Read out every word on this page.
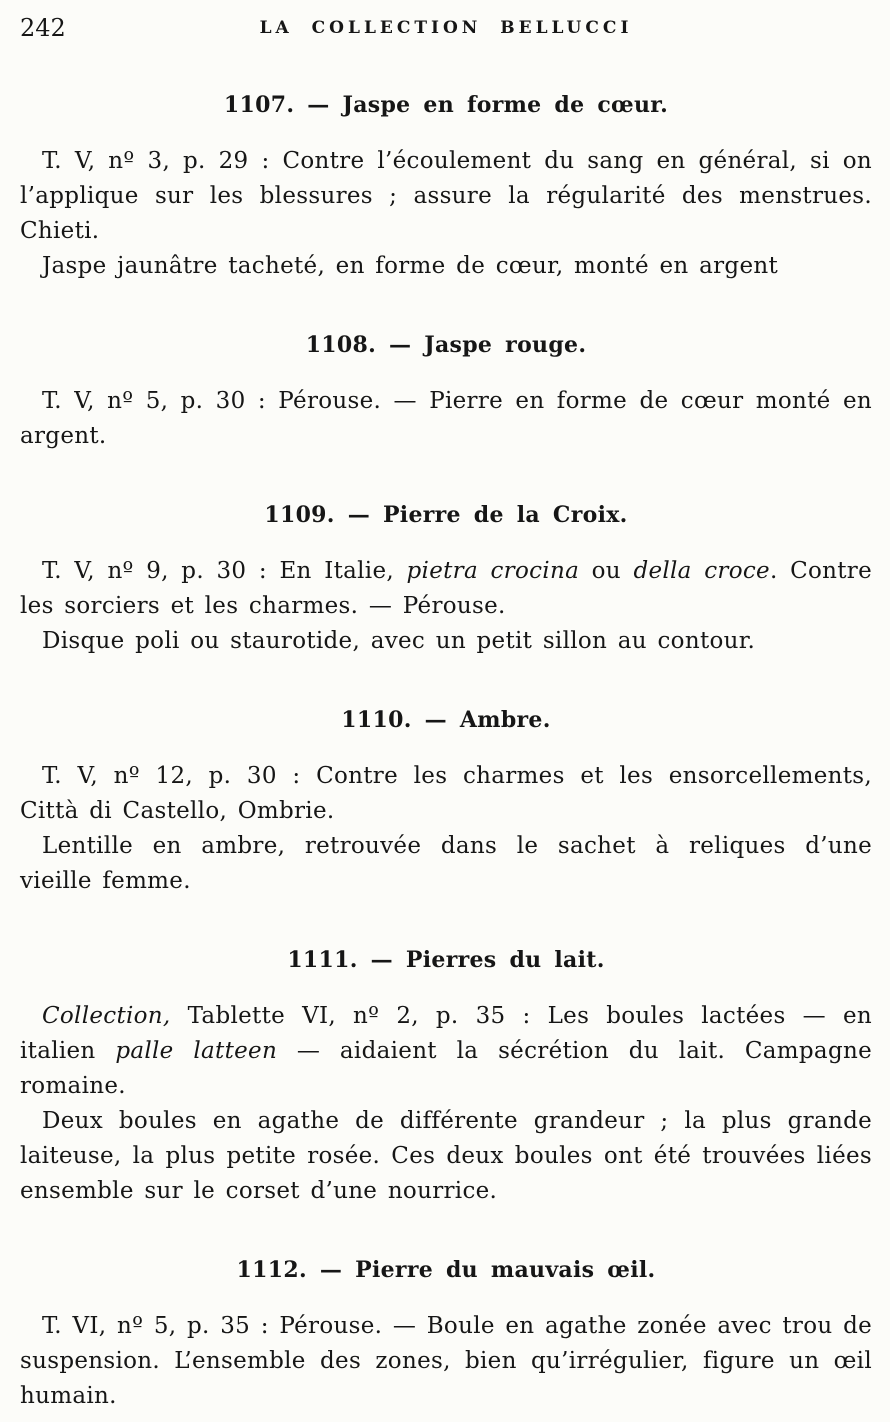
242	LA COLLECTION BELLUCCI
1107. — Jaspe en forme de cœur.

T. V, nº 3, p. 29 : Contre l’écoulement du sang en général, si on l’applique sur les blessures ; assure la régularité des menstrues. Chieti.

Jaspe jaunâtre tacheté, en forme de cœur, monté en argent

1108. — Jaspe rouge.

T. V, nº 5, p. 30 : Pérouse. — Pierre en forme de cœur monté en argent.

1109. — Pierre de la Croix.

T. V, nº 9, p. 30 : En Italie, pietra crocina ou della croce. Contre les sorciers et les charmes. — Pérouse.

Disque poli ou staurotide, avec un petit sillon au contour.

1110. — Ambre.

T. V, nº 12, p. 30 : Contre les charmes et les ensorcellements, Città di Castello, Ombrie.

Lentille en ambre, retrouvée dans le sachet à reliques d’une vieille femme.

1111. — Pierres du lait.

Collection, Tablette VI, nº 2, p. 35 : Les boules lactées — en italien palle latteen — aidaient la sécrétion du lait. Campagne romaine.

Deux boules en agathe de différente grandeur ; la plus grande laiteuse, la plus petite rosée. Ces deux boules ont été trouvées liées ensemble sur le corset d’une nourrice.

1112. — Pierre du mauvais œil.

T. VI, nº 5, p. 35 : Pérouse. — Boule en agathe zonée avec trou de suspension. L’ensemble des zones, bien qu’irrégulier, figure un œil humain.
